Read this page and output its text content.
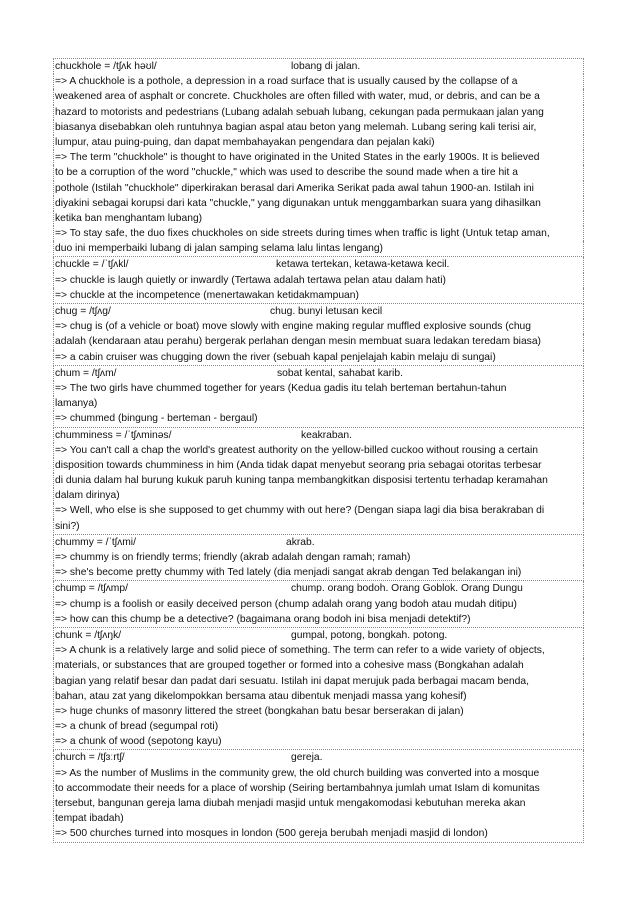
chuckhole = /tʃʌk həʊl/	lobang di jalan.
=> A chuckhole is a pothole, a depression in a road surface that is usually caused by the collapse of a
weakened area of asphalt or concrete. Chuckholes are often filled with water, mud, or debris, and can be a
hazard to motorists and pedestrians (Lubang adalah sebuah lubang, cekungan pada permukaan jalan yang
biasanya disebabkan oleh runtuhnya bagian aspal atau beton yang melemah. Lubang sering kali terisi air,
lumpur, atau puing-puing, dan dapat membahayakan pengendara dan pejalan kaki)
=> The term "chuckhole" is thought to have originated in the United States in the early 1900s. It is believed
to be a corruption of the word "chuckle," which was used to describe the sound made when a tire hit a
pothole (Istilah "chuckhole" diperkirakan berasal dari Amerika Serikat pada awal tahun 1900-an. Istilah ini
diyakini sebagai korupsi dari kata "chuckle," yang digunakan untuk menggambarkan suara yang dihasilkan
ketika ban menghantam lubang)
=> To stay safe, the duo fixes chuckholes on side streets during times when traffic is light (Untuk tetap aman,
duo ini memperbaiki lubang di jalan samping selama lalu lintas lengang)
chuckle = /ˈtʃʌkl/	ketawa tertekan, ketawa-ketawa kecil.
=> chuckle is laugh quietly or inwardly (Tertawa adalah tertawa pelan atau dalam hati)
=> chuckle at the incompetence (menertawakan ketidakmampuan)
chug = /tʃʌɡ/	chug. bunyi letusan kecil
=> chug is (of a vehicle or boat) move slowly with engine making regular muffled explosive sounds (chug
adalah (kendaraan atau perahu) bergerak perlahan dengan mesin membuat suara ledakan teredam biasa)
=> a cabin cruiser was chugging down the river (sebuah kapal penjelajah kabin melaju di sungai)
chum = /tʃʌm/	sobat kental, sahabat karib.
=> The two girls have chummed together for years (Kedua gadis itu telah berteman bertahun-tahun
lamanya)
=> chummed (bingung - berteman - bergaul)
chumminess = /ˈtʃʌminəs/	keakraban.
=> You can't call a chap the world's greatest authority on the yellow-billed cuckoo without rousing a certain
disposition towards chumminess in him (Anda tidak dapat menyebut seorang pria sebagai otoritas terbesar
di dunia dalam hal burung kukuk paruh kuning tanpa membangkitkan disposisi tertentu terhadap keramahan
dalam dirinya)
=> Well, who else is she supposed to get chummy with out here? (Dengan siapa lagi dia bisa berakraban di
sini?)
chummy = /ˈtʃʌmi/	akrab.
=> chummy is on friendly terms; friendly (akrab adalah dengan ramah; ramah)
=> she's become pretty chummy with Ted lately (dia menjadi sangat akrab dengan Ted belakangan ini)
chump = /tʃʌmp/	chump. orang bodoh. Orang Goblok. Orang Dungu
=> chump is a foolish or easily deceived person (chump adalah orang yang bodoh atau mudah ditipu)
=> how can this chump be a detective? (bagaimana orang bodoh ini bisa menjadi detektif?)
chunk = /tʃʌŋk/	gumpal, potong, bongkah. potong.
=> A chunk is a relatively large and solid piece of something. The term can refer to a wide variety of objects,
materials, or substances that are grouped together or formed into a cohesive mass (Bongkahan adalah
bagian yang relatif besar dan padat dari sesuatu. Istilah ini dapat merujuk pada berbagai macam benda,
bahan, atau zat yang dikelompokkan bersama atau dibentuk menjadi massa yang kohesif)
=> huge chunks of masonry littered the street (bongkahan batu besar berserakan di jalan)
=> a chunk of bread (segumpal roti)
=> a chunk of wood (sepotong kayu)
church = /tʃɜːrtʃ/	gereja.
=> As the number of Muslims in the community grew, the old church building was converted into a mosque
to accommodate their needs for a place of worship (Seiring bertambahnya jumlah umat Islam di komunitas
tersebut, bangunan gereja lama diubah menjadi masjid untuk mengakomodasi kebutuhan mereka akan
tempat ibadah)
=> 500 churches turned into mosques in london (500 gereja berubah menjadi masjid di london)
